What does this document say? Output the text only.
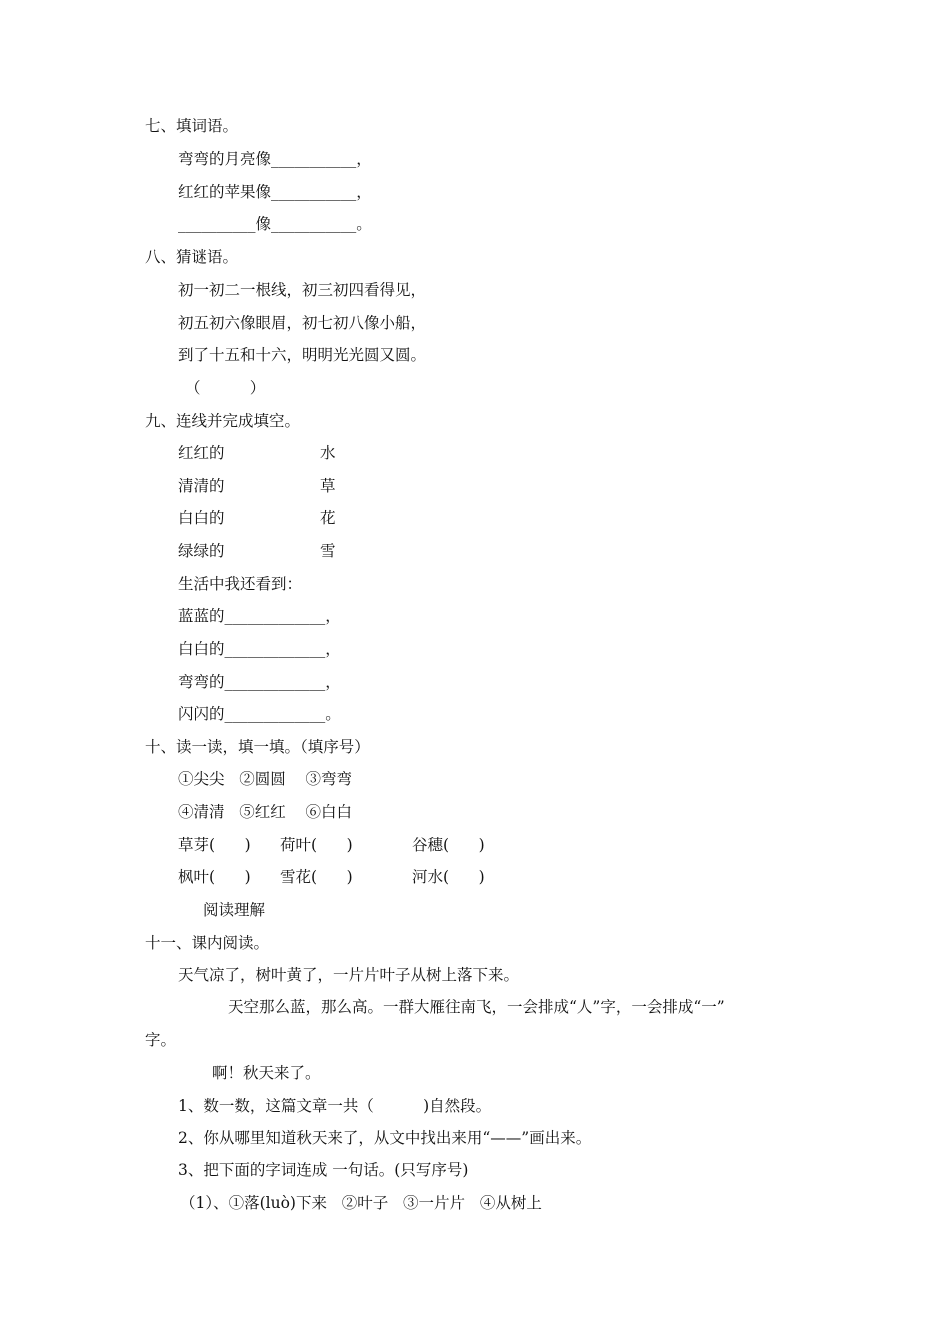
七、填词语。
弯弯的月亮像___________，
红红的苹果像___________，
__________像___________。
八、猜谜语。
初一初二一根线，初三初四看得见，
初五初六像眼眉，初七初八像小船，
到了十五和十六，明明光光圆又圆。
（          ）
九、连线并完成填空。
红红的	水
清清的	草
白白的	花
绿绿的	雪
生活中我还看到：
蓝蓝的_____________，
白白的_____________，
弯弯的_____________，
闪闪的_____________。
十、读一读，填一填。（填序号）
①尖尖   ②圆圆    ③弯弯
④清清   ⑤红红    ⑥白白
草芽(      ) 荷叶(      )	谷穗(      )
枫叶(      ) 雪花(      )	河水(      )
阅读理解
十一、课内阅读。
天气凉了，树叶黄了，一片片叶子从树上落下来。
天空那么蓝，那么高。一群大雁往南飞，一会排成“人”字，一会排成“一”
字。
啊！秋天来了。
1、数一数，这篇文章一共（          )自然段。
2、你从哪里知道秋天来了，从文中找出来用“——”画出来。
3、把下面的字词连成 一句话。(只写序号)
（1）、①落(luò)下来   ②叶子   ③一片片   ④从树上
